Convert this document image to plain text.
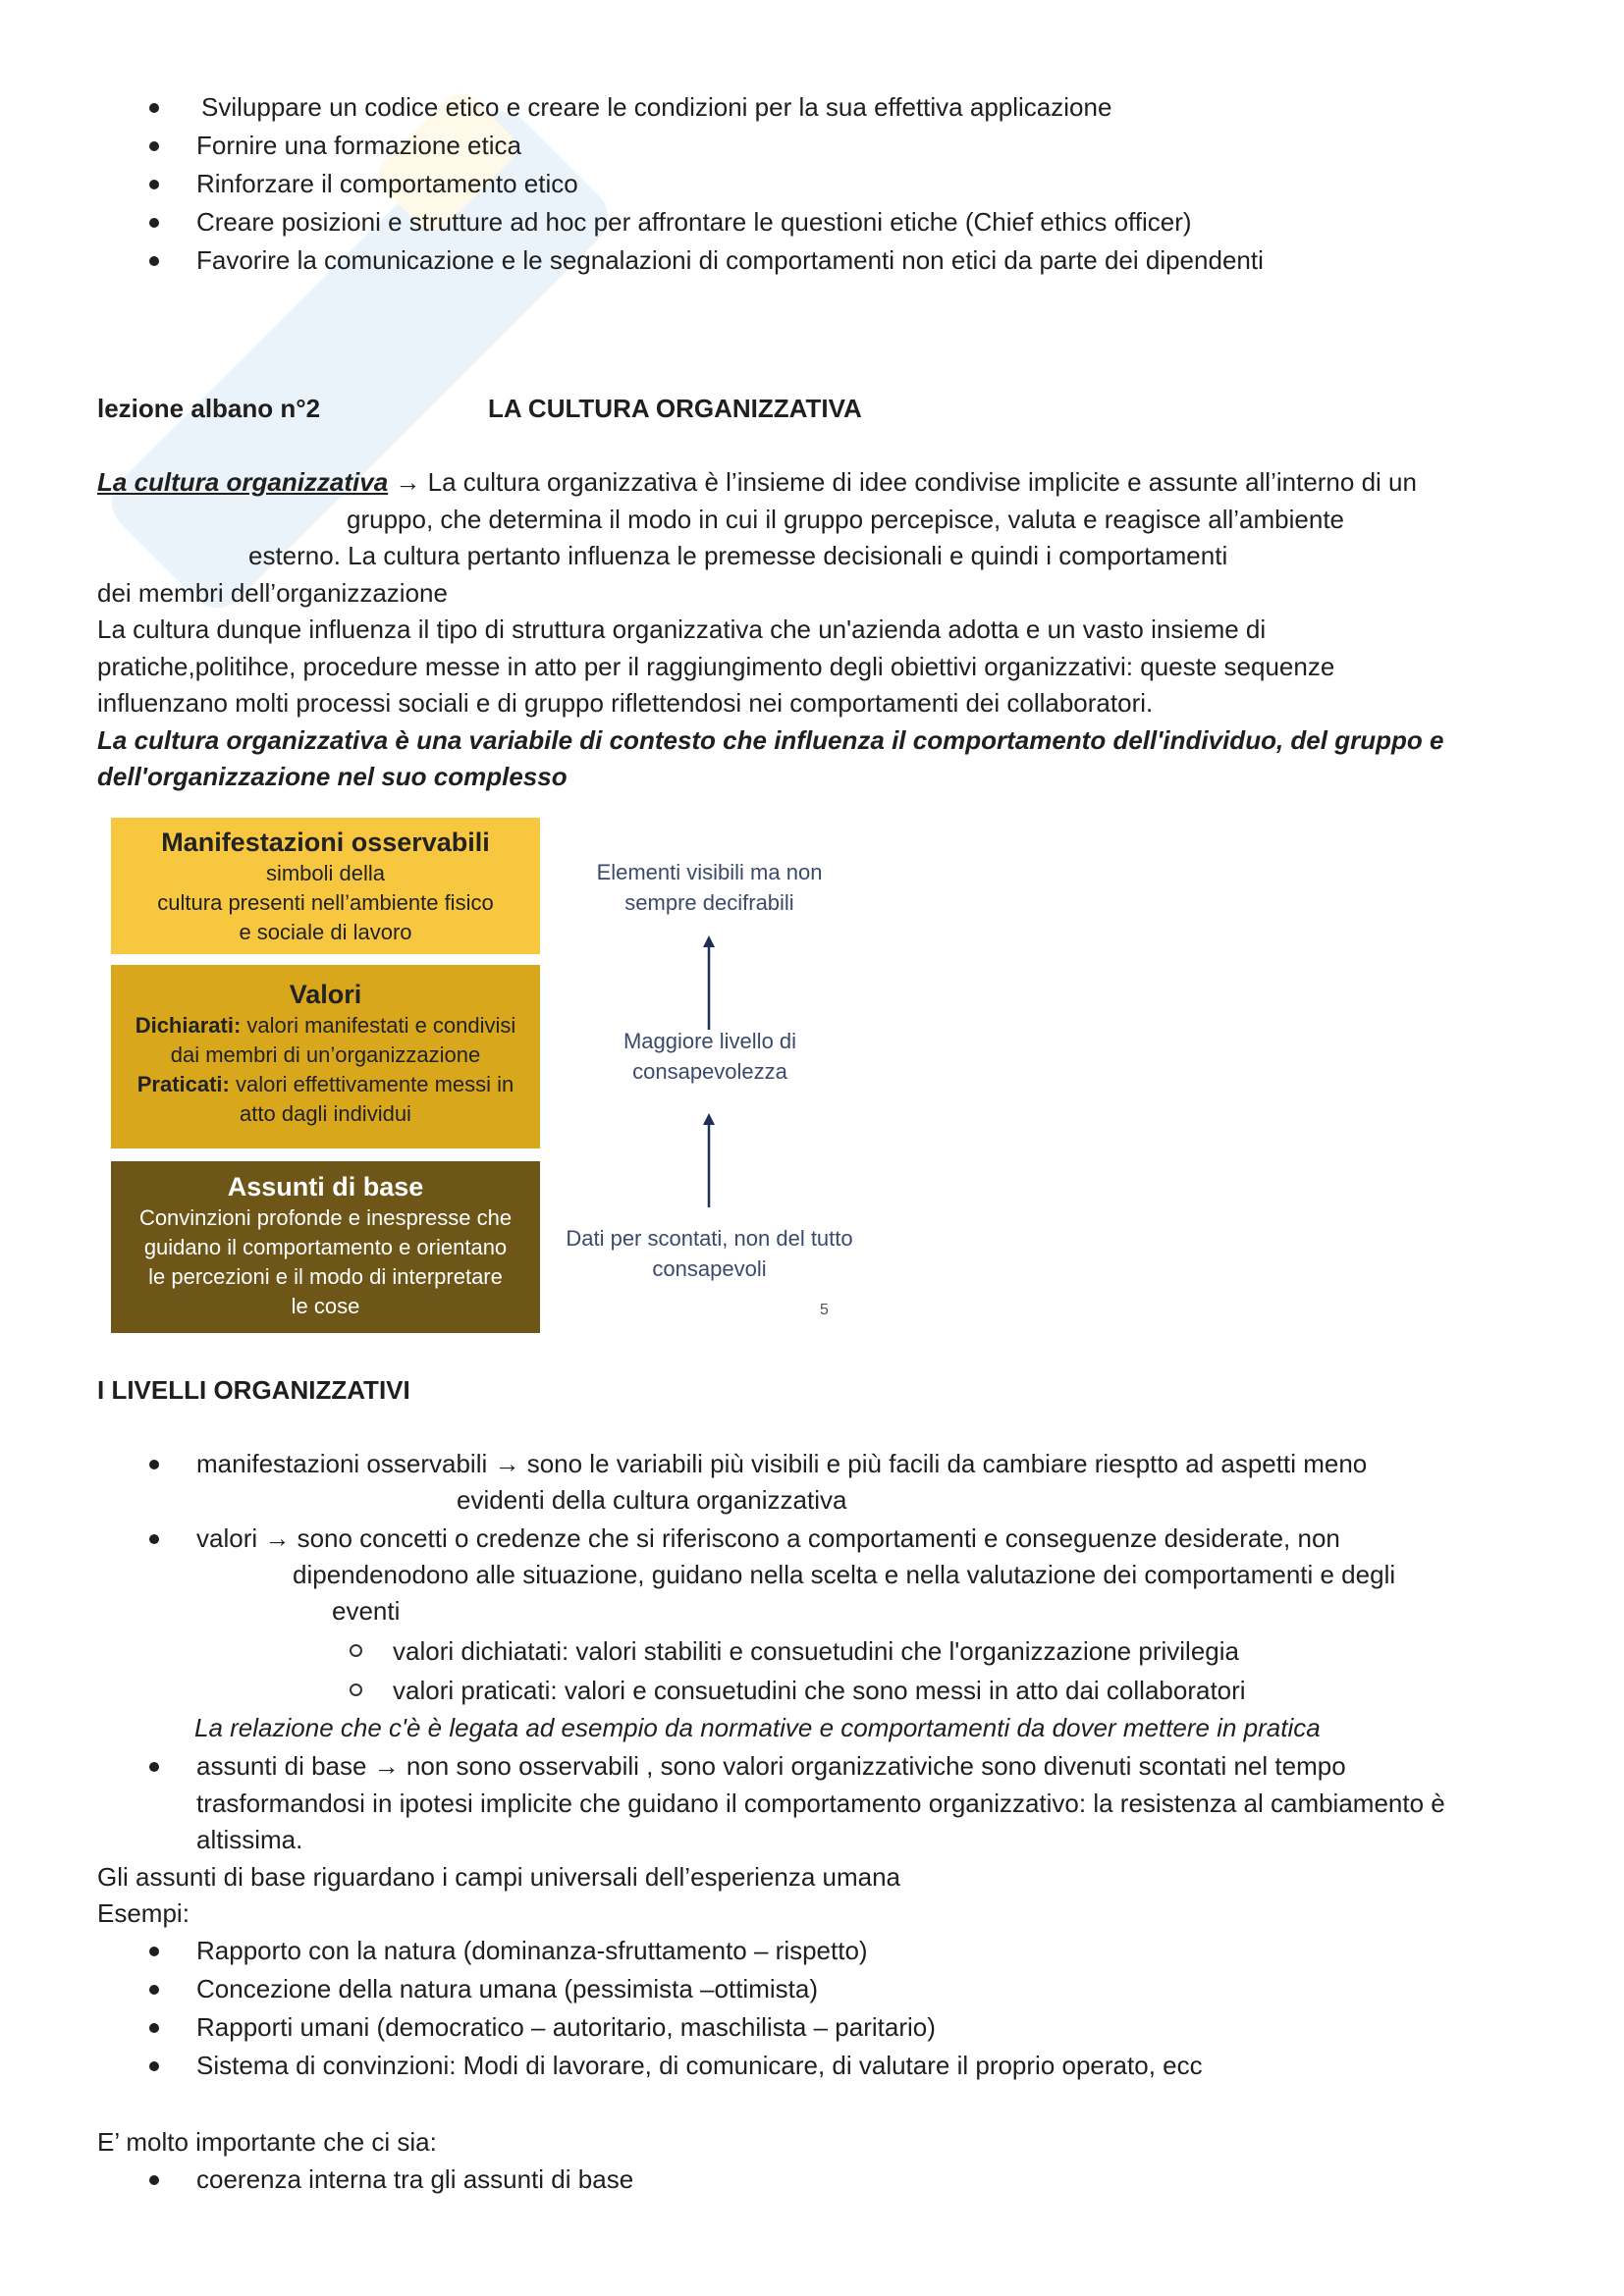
Sviluppare un codice etico e creare le condizioni per la sua effettiva applicazione
Fornire una formazione etica
Rinforzare il comportamento etico
Creare posizioni e strutture ad hoc per affrontare le questioni etiche (Chief ethics officer)
Favorire la comunicazione e le segnalazioni di comportamenti non etici da parte dei dipendenti
lezione albano n°2	LA CULTURA ORGANIZZATIVA
La cultura organizzativa → La cultura organizzativa è l’insieme di idee condivise implicite e assunte all’interno di un
gruppo, che determina il modo in cui il gruppo percepisce, valuta e reagisce all’ambiente
esterno. La cultura pertanto influenza le premesse decisionali e quindi i comportamenti
dei membri dell’organizzazione
La cultura dunque influenza il tipo di struttura organizzativa che un'azienda adotta e un vasto insieme di
pratiche,politihce, procedure messe in atto per il raggiungimento degli obiettivi organizzativi: queste sequenze
influenzano molti processi sociali e di gruppo riflettendosi nei comportamenti dei collaboratori.
La cultura organizzativa è una variabile di contesto che influenza il comportamento dell'individuo, del gruppo e
dell'organizzazione nel suo complesso
Manifestazioni osservabili
simboli della
cultura presenti nell’ambiente fisico
e sociale di lavoro
Valori
Dichiarati: valori manifestati e condivisi
dai membri di un’organizzazione
Praticati: valori effettivamente messi in
atto dagli individui
Assunti di base
Convinzioni profonde e inespresse che
guidano il comportamento e orientano
le percezioni e il modo di interpretare
le cose
Elementi visibili ma non
sempre decifrabili
Maggiore livello di
consapevolezza
Dati per scontati, non del tutto
consapevoli
5
I LIVELLI ORGANIZZATIVI
manifestazioni osservabili → sono le variabili più visibili e più facili da cambiare riesptto ad aspetti meno
evidenti della cultura organizzativa
valori → sono concetti o credenze che si riferiscono a comportamenti e conseguenze desiderate, non
dipendenodono alle situazione, guidano nella scelta e nella valutazione dei comportamenti e degli
eventi
valori dichiatati: valori stabiliti e consuetudini che l'organizzazione privilegia
valori praticati: valori e consuetudini che sono messi in atto dai collaboratori
La relazione che c'è è legata ad esempio da normative e comportamenti da dover mettere in pratica
assunti di base → non sono osservabili , sono valori organizzativiche sono divenuti scontati nel tempo
trasformandosi in ipotesi implicite che guidano il comportamento organizzativo: la resistenza al cambiamento è
altissima.
Gli assunti di base riguardano i campi universali dell’esperienza umana
Esempi:
Rapporto con la natura (dominanza-sfruttamento – rispetto)
Concezione della natura umana (pessimista –ottimista)
Rapporti umani (democratico – autoritario, maschilista – paritario)
Sistema di convinzioni: Modi di lavorare, di comunicare, di valutare il proprio operato, ecc
E’ molto importante che ci sia:
coerenza interna tra gli assunti di base
